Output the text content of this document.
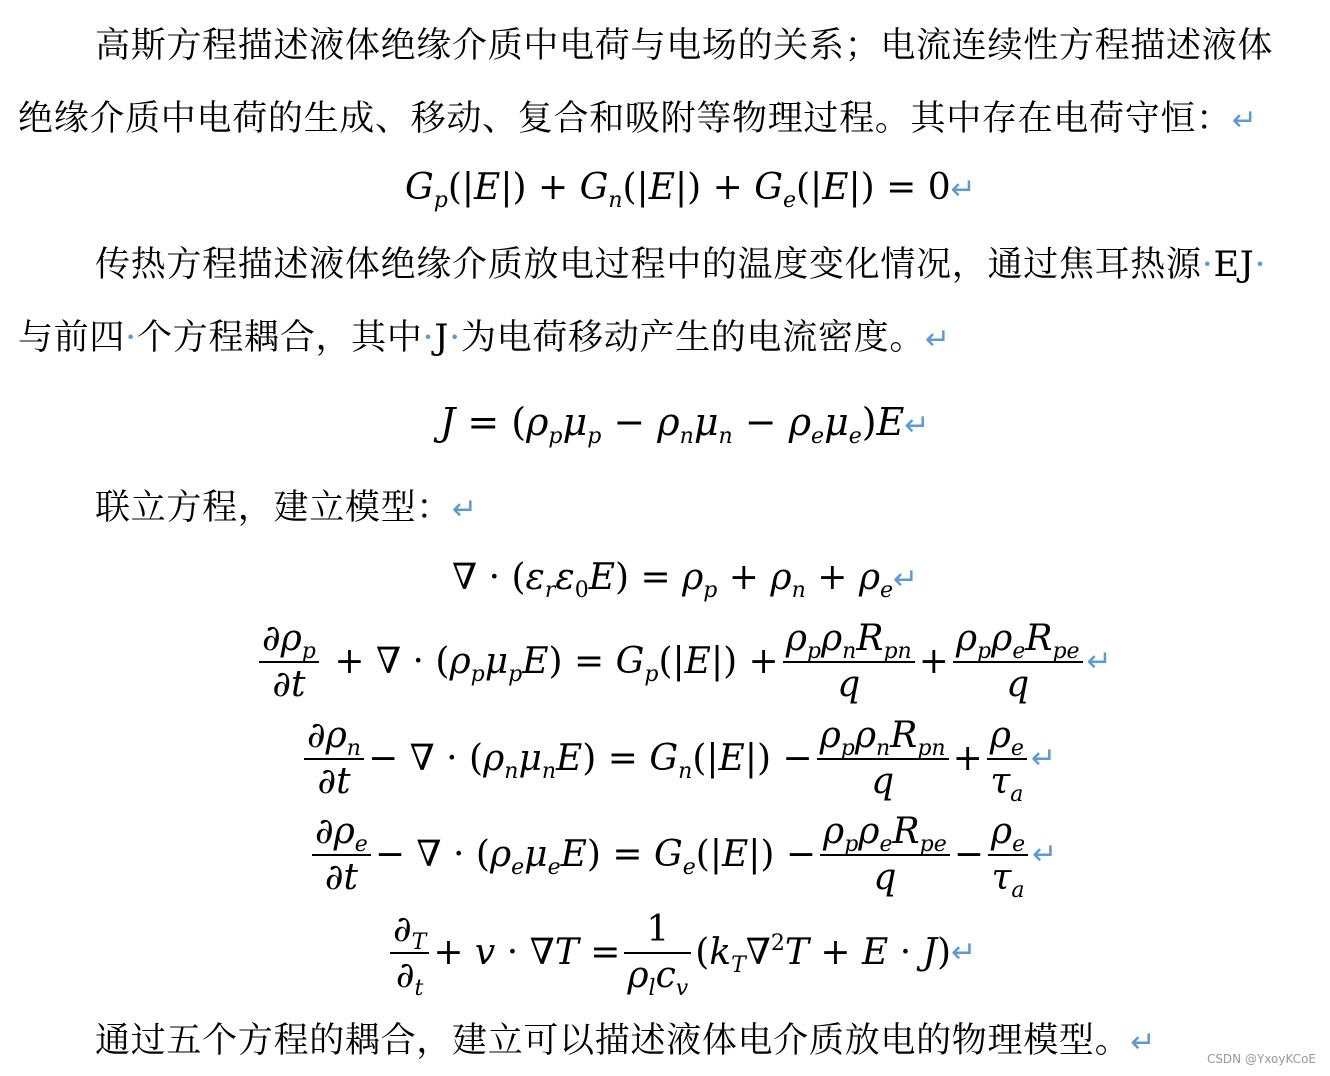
高斯方程描述液体绝缘介质中电荷与电场的关系；电流连续性方程描述液体
绝缘介质中电荷的生成、移动、复合和吸附等物理过程。其中存在电荷守恒：↵
$G_p(|E|) + G_n(|E|) + G_e(|E|)$ = 0↵
传热方程描述液体绝缘介质放电过程中的温度变化情况，通过焦耳热源·EJ·
与前四·个方程耦合，其中·J·为电荷移动产生的电流密度。↵
$J = (\rho_p\mu_p - \rho_n\mu_n$ − $\rho_e\mu_e)E↵$
联立方程，建立模型：↵
∇ · $(\varepsilon_r\varepsilon_0E) = \rho_p + \rho_n$ + $\rho_e↵$
$\frac{\partial\rho_p}{\partial t}$ + ∇ · $(\rho_p\mu_pE) = G_p(|E|) + \frac{\rho_p\rho_nR_{pn}}{q} + \frac{\rho_p\rho_eR_{pe}}{q}$ ↵
$\frac{\partial\rho_n}{\partial t}$ − ∇ · $(\rho_n\mu_nE) = G_n(|E|) - \frac{\rho_p\rho_nR_{pn}}{q} + \frac{\rho_e}{\tau_a}$ ↵
$\frac{\partial\rho_e}{\partial t}$ − ∇ · $(\rho_e\mu_eE) = G_e(|E|) - \frac{\rho_p\rho_eR_{pe}}{q} - \frac{\rho_e}{\tau_a}$ ↵
$\frac{\partial_T}{\partial_t} + v \cdot \nabla T = \frac{1}{\rho_lc_v} (k_T\nabla^2T + E \cdot J)$ ↵
通过五个方程的耦合，建立可以描述液体电介质放电的物理模型。↵	CSDN @YxoyKCoE
